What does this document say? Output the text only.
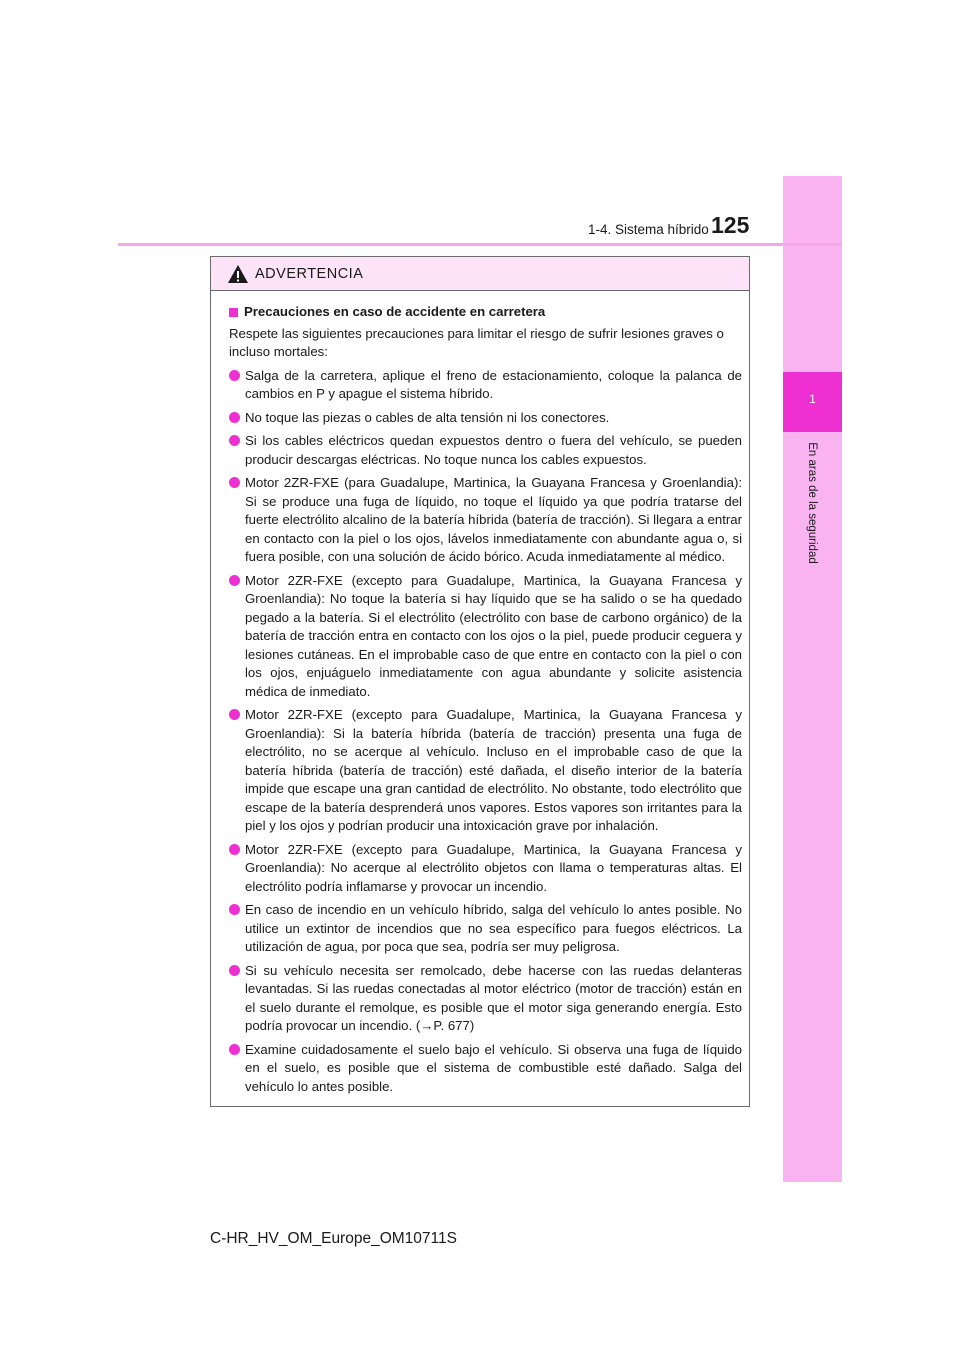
1
En aras de la seguridad
1-4. Sistema híbrido 125
ADVERTENCIA
Precauciones en caso de accidente en carretera
Respete las siguientes precauciones para limitar el riesgo de sufrir lesiones graves o incluso mortales:
Salga de la carretera, aplique el freno de estacionamiento, coloque la palanca de cambios en P y apague el sistema híbrido.
No toque las piezas o cables de alta tensión ni los conectores.
Si los cables eléctricos quedan expuestos dentro o fuera del vehículo, se pueden producir descargas eléctricas. No toque nunca los cables expuestos.
Motor 2ZR-FXE (para Guadalupe, Martinica, la Guayana Francesa y Groenlandia): Si se produce una fuga de líquido, no toque el líquido ya que podría tratarse del fuerte electrólito alcalino de la batería híbrida (batería de tracción). Si llegara a entrar en contacto con la piel o los ojos, lávelos inmediatamente con abundante agua o, si fuera posible, con una solución de ácido bórico. Acuda inmediatamente al médico.
Motor 2ZR-FXE (excepto para Guadalupe, Martinica, la Guayana Francesa y Groenlandia): No toque la batería si hay líquido que se ha salido o se ha quedado pegado a la batería. Si el electrólito (electrólito con base de carbono orgánico) de la batería de tracción entra en contacto con los ojos o la piel, puede producir ceguera y lesiones cutáneas. En el improbable caso de que entre en contacto con la piel o con los ojos, enjuáguelo inmediatamente con agua abundante y solicite asistencia médica de inmediato.
Motor 2ZR-FXE (excepto para Guadalupe, Martinica, la Guayana Francesa y Groenlandia): Si la batería híbrida (batería de tracción) presenta una fuga de electrólito, no se acerque al vehículo. Incluso en el improbable caso de que la batería híbrida (batería de tracción) esté dañada, el diseño interior de la batería impide que escape una gran cantidad de electrólito. No obstante, todo electrólito que escape de la batería desprenderá unos vapores. Estos vapores son irritantes para la piel y los ojos y podrían producir una intoxicación grave por inhalación.
Motor 2ZR-FXE (excepto para Guadalupe, Martinica, la Guayana Francesa y Groenlandia): No acerque al electrólito objetos con llama o temperaturas altas. El electrólito podría inflamarse y provocar un incendio.
En caso de incendio en un vehículo híbrido, salga del vehículo lo antes posible. No utilice un extintor de incendios que no sea específico para fuegos eléctricos. La utilización de agua, por poca que sea, podría ser muy peligrosa.
Si su vehículo necesita ser remolcado, debe hacerse con las ruedas delanteras levantadas. Si las ruedas conectadas al motor eléctrico (motor de tracción) están en el suelo durante el remolque, es posible que el motor siga generando energía. Esto podría provocar un incendio. (→P. 677)
Examine cuidadosamente el suelo bajo el vehículo. Si observa una fuga de líquido en el suelo, es posible que el sistema de combustible esté dañado. Salga del vehículo lo antes posible.
C-HR_HV_OM_Europe_OM10711S
